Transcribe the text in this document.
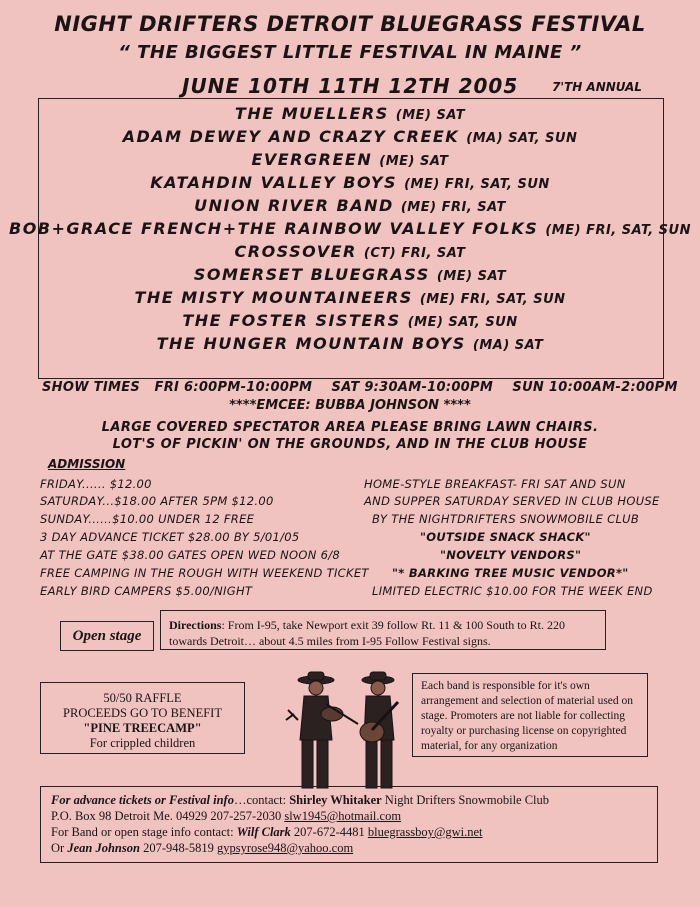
NIGHT DRIFTERS DETROIT BLUEGRASS FESTIVAL
“ THE BIGGEST LITTLE FESTIVAL IN MAINE ”
JUNE 10TH 11TH 12TH 2005	7'TH ANNUAL
THE MUELLERS (ME) SAT
ADAM DEWEY AND CRAZY CREEK (MA) SAT, SUN
EVERGREEN (ME) SAT
KATAHDIN VALLEY BOYS (ME) FRI, SAT, SUN
UNION RIVER BAND (ME) FRI, SAT
BOB+GRACE FRENCH+THE RAINBOW VALLEY FOLKS (ME) FRI, SAT, SUN
CROSSOVER (CT) FRI, SAT
SOMERSET BLUEGRASS (ME) SAT
THE MISTY MOUNTAINEERS (ME) FRI, SAT, SUN
THE FOSTER SISTERS (ME) SAT, SUN
THE HUNGER MOUNTAIN BOYS (MA) SAT
SHOW TIMES FRI 6:00PM-10:00PM SAT 9:30AM-10:00PM SUN 10:00AM-2:00PM
****EMCEE: BUBBA JOHNSON ****
LARGE COVERED SPECTATOR AREA PLEASE BRING LAWN CHAIRS.
LOT'S OF PICKIN' ON THE GROUNDS, AND IN THE CLUB HOUSE
ADMISSION
FRIDAY...... $12.00
SATURDAY...$18.00 AFTER 5PM $12.00
SUNDAY......$10.00 UNDER 12 FREE
3 DAY ADVANCE TICKET $28.00 BY 5/01/05
AT THE GATE $38.00 GATES OPEN WED NOON 6/8
FREE CAMPING IN THE ROUGH WITH WEEKEND TICKET
EARLY BIRD CAMPERS $5.00/NIGHT
HOME-STYLE BREAKFAST- FRI SAT AND SUN
AND SUPPER SATURDAY SERVED IN CLUB HOUSE
BY THE NIGHTDRIFTERS SNOWMOBILE CLUB
"OUTSIDE SNACK SHACK"
"NOVELTY VENDORS"
"* BARKING TREE MUSIC VENDOR*"
LIMITED ELECTRIC $10.00 FOR THE WEEK END
Open stage
Directions: From I-95, take Newport exit 39 follow Rt. 11 & 100 South to Rt. 220 towards Detroit… about 4.5 miles from I-95 Follow Festival signs.
50/50 RAFFLE
PROCEEDS GO TO BENEFIT
"PINE TREECAMP"
For crippled children
Each band is responsible for it's own arrangement and selection of material used on stage. Promoters are not liable for collecting royalty or purchasing license on copyrighted material, for any organization
For advance tickets or Festival info…contact: Shirley Whitaker Night Drifters Snowmobile Club
P.O. Box 98 Detroit Me. 04929 207-257-2030 slw1945@hotmail.com
For Band or open stage info contact: Wilf Clark 207-672-4481 bluegrassboy@gwi.net
Or Jean Johnson 207-948-5819 gypsyrose948@yahoo.com
